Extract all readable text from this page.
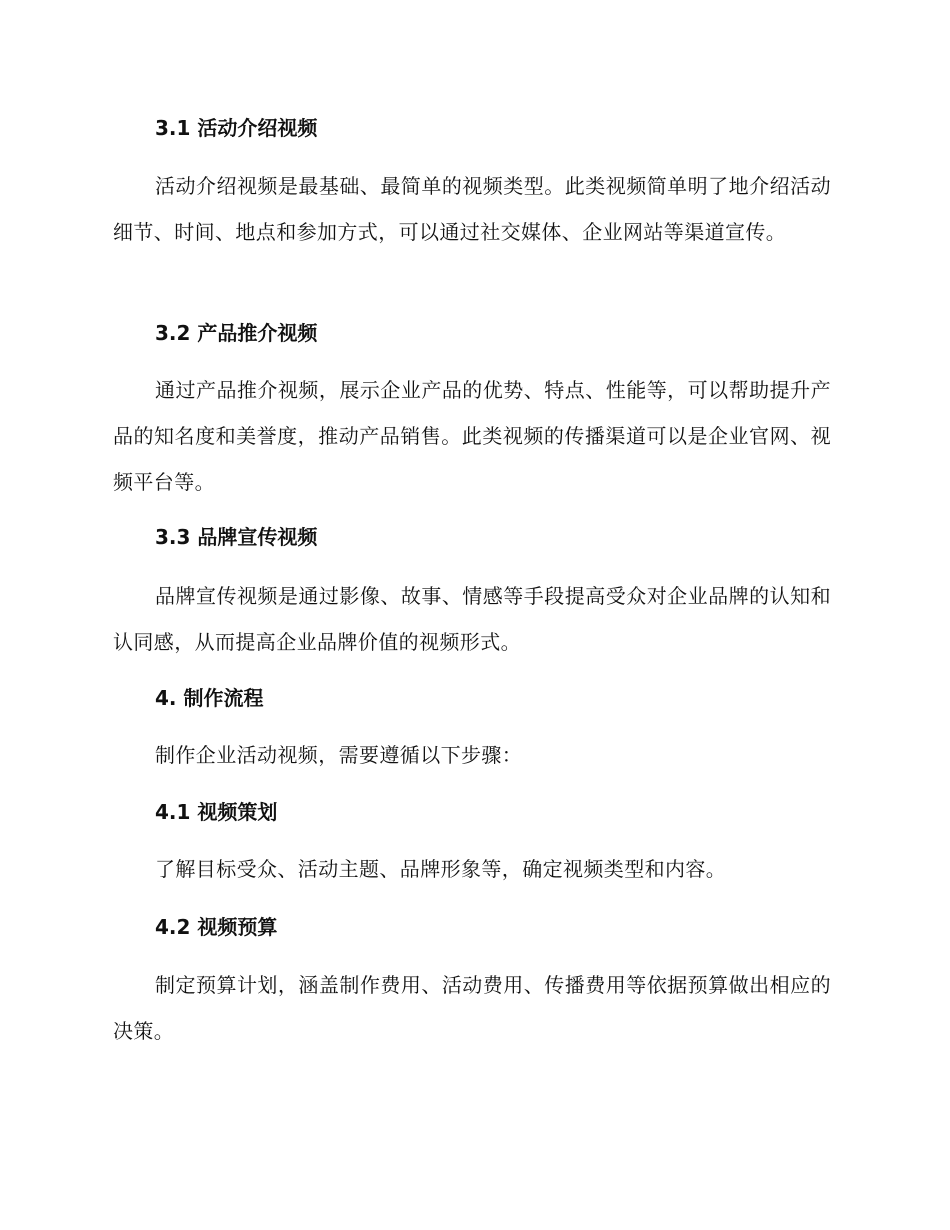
3.1 活动介绍视频

活动介绍视频是最基础、最简单的视频类型。此类视频简单明了地介绍活动细节、时间、地点和参加方式，可以通过社交媒体、企业网站等渠道宣传。

3.2 产品推介视频

通过产品推介视频，展示企业产品的优势、特点、性能等，可以帮助提升产品的知名度和美誉度，推动产品销售。此类视频的传播渠道可以是企业官网、视频平台等。

3.3 品牌宣传视频

品牌宣传视频是通过影像、故事、情感等手段提高受众对企业品牌的认知和认同感，从而提高企业品牌价值的视频形式。

4. 制作流程

制作企业活动视频，需要遵循以下步骤：

4.1 视频策划

了解目标受众、活动主题、品牌形象等，确定视频类型和内容。

4.2 视频预算

制定预算计划，涵盖制作费用、活动费用、传播费用等依据预算做出相应的决策。
